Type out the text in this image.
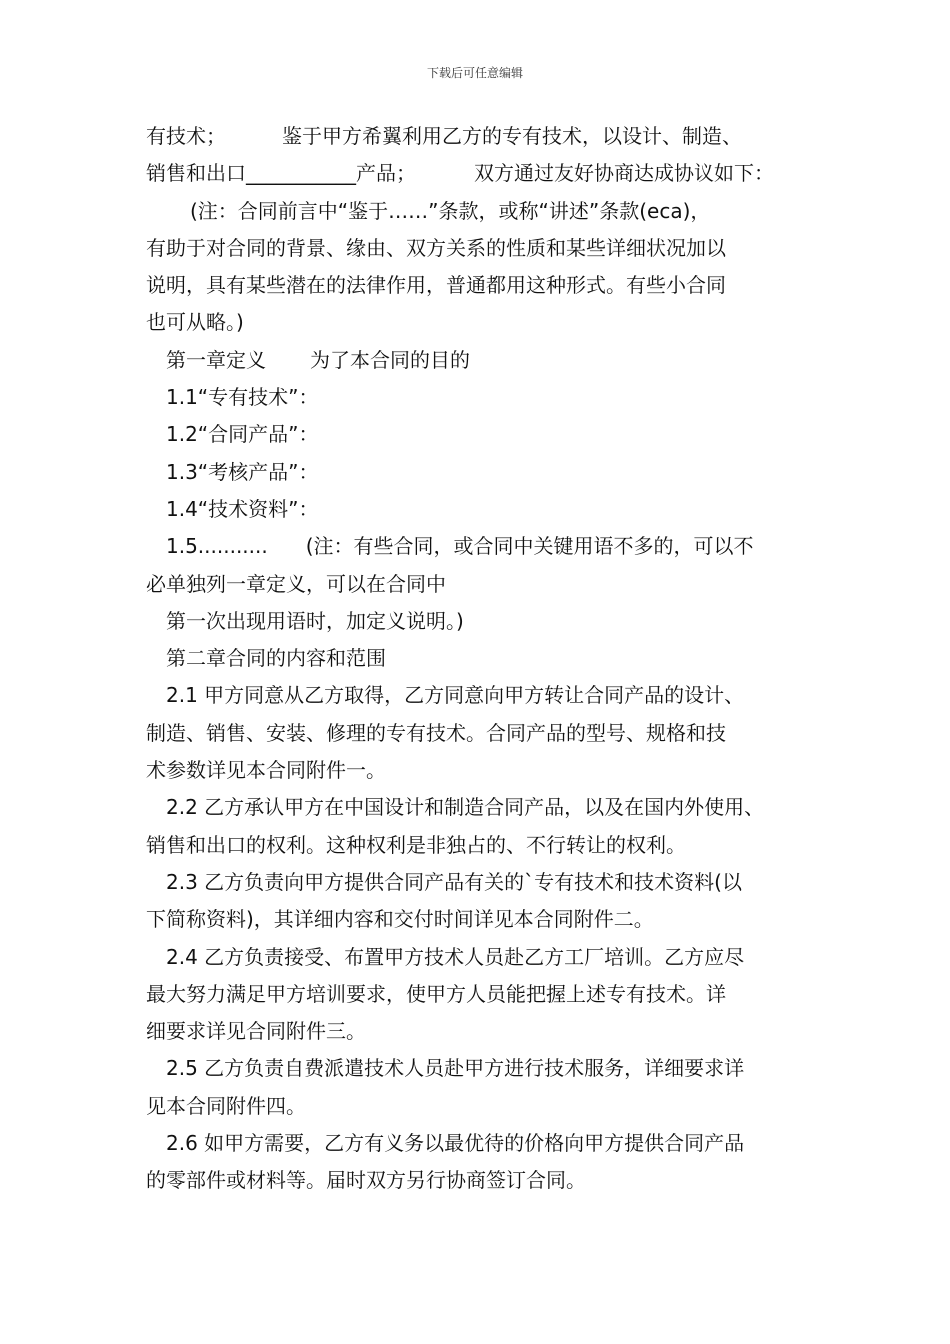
下载后可任意编辑
有技术；	鉴于甲方希翼利用乙方的专有技术，以设计、制造、
销售和出口___________产品；	双方通过友好协商达成协议如下：
(注：合同前言中“鉴于……”条款，或称“讲述”条款(eca)，
有助于对合同的背景、缘由、双方关系的性质和某些详细状况加以
说明，具有某些潜在的法律作用，普通都用这种形式。有些小合同
也可从略。)
第一章定义 为了本合同的目的
1.1“专有技术”：
1.2“合同产品”：
1.3“考核产品”：
1.4“技术资料”：
1.5........... (注：有些合同，或合同中关键用语不多的，可以不
必单独列一章定义，可以在合同中
第一次出现用语时，加定义说明。)
第二章合同的内容和范围
2.1 甲方同意从乙方取得，乙方同意向甲方转让合同产品的设计、
制造、销售、安装、修理的专有技术。合同产品的型号、规格和技
术参数详见本合同附件一。
2.2 乙方承认甲方在中国设计和制造合同产品，以及在国内外使用、
销售和出口的权利。这种权利是非独占的、不行转让的权利。
2.3 乙方负责向甲方提供合同产品有关的`专有技术和技术资料(以
下简称资料)，其详细内容和交付时间详见本合同附件二。
2.4 乙方负责接受、布置甲方技术人员赴乙方工厂培训。乙方应尽
最大努力满足甲方培训要求，使甲方人员能把握上述专有技术。详
细要求详见合同附件三。
2.5 乙方负责自费派遣技术人员赴甲方进行技术服务，详细要求详
见本合同附件四。
2.6 如甲方需要，乙方有义务以最优待的价格向甲方提供合同产品
的零部件或材料等。届时双方另行协商签订合同。
